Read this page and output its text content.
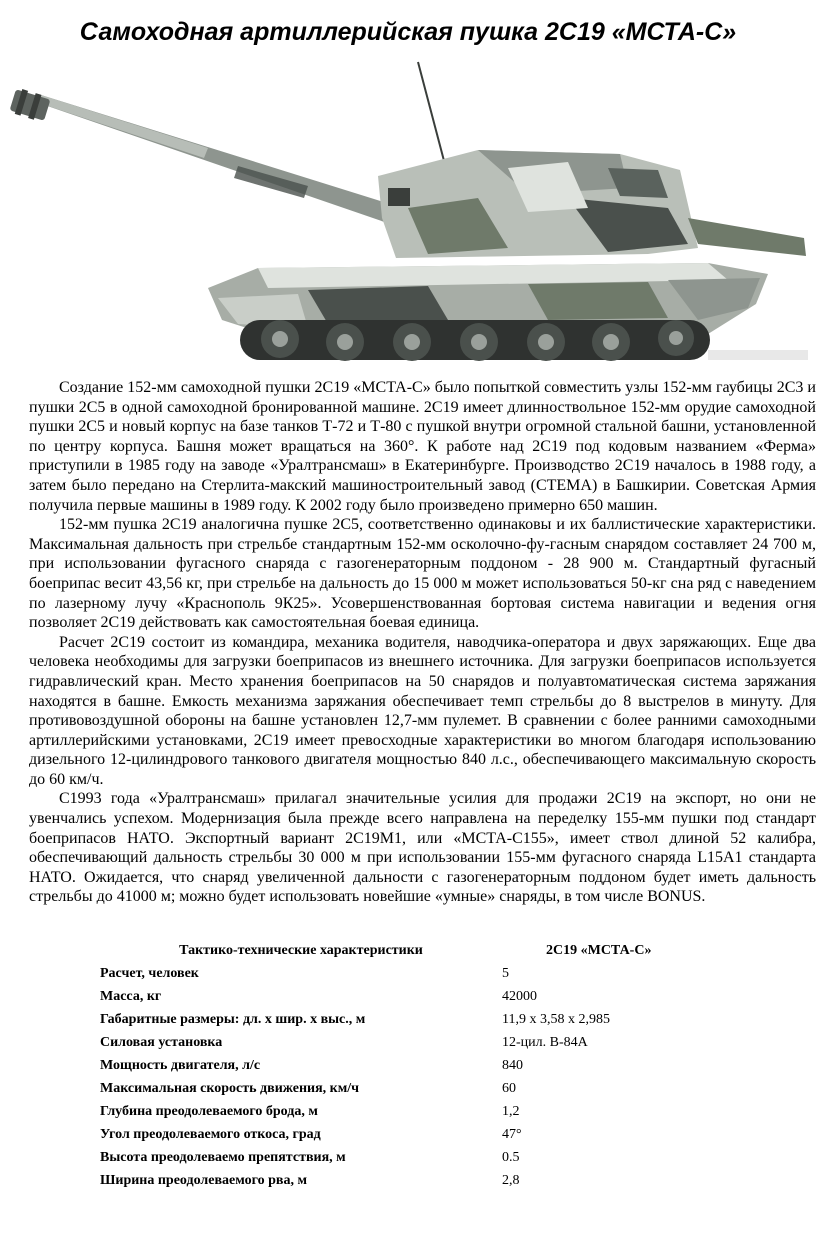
Самоходная артиллерийская пушка 2С19 «МСТА-С»

Создание 152-мм самоходной пушки 2С19 «МСТА-С» было попыткой совместить узлы 152-мм гаубицы 2С3 и пушки 2С5 в одной самоходной бронированной машине. 2С19 имеет длинноствольное 152-мм орудие самоходной пушки 2С5 и новый корпус на базе танков Т-72 и Т-80 с пушкой внутри огромной стальной башни, установленной по центру корпуса. Башня может вращаться на 360°. К работе над 2С19 под кодовым названием «Ферма» приступили в 1985 году на заводе «Уралтрансмаш» в Екатеринбурге. Производство 2С19 началось в 1988 году, а затем было передано на Стерлита-макский машиностроительный завод (СТЕМА) в Башкирии. Советская Армия получила первые машины в 1989 году. К 2002 году было произведено примерно 650 машин.

152-мм пушка 2С19 аналогична пушке 2С5, соответственно одинаковы и их баллистические характеристики. Максимальная дальность при стрельбе стандартным 152-мм осколочно-фу-гасным снарядом составляет 24 700 м, при использовании фугасного снаряда с газогенераторным поддоном - 28 900 м. Стандартный фугасный боеприпас весит 43,56 кг, при стрельбе на дальность до 15 000 м может использоваться 50-кг сна ряд с наведением по лазерному лучу «Краснополь 9К25». Усовершенствованная бортовая система навигации и ведения огня позволяет 2С19 действовать как самостоятельная боевая единица.

Расчет 2С19 состоит из командира, механика водителя, наводчика-оператора и двух заряжающих. Еще два человека необходимы для загрузки боеприпасов из внешнего источника. Для загрузки боеприпасов используется гидравлический кран. Место хранения боеприпасов на 50 снарядов и полуавтоматическая система заряжания находятся в башне. Емкость механизма заряжания обеспечивает темп стрельбы до 8 выстрелов в минуту. Для противовоздушной обороны на башне установлен 12,7-мм пулемет. В сравнении с более ранними самоходными артиллерийскими установками, 2С19 имеет превосходные характеристики во многом благодаря использованию дизельного 12-цилиндрового танкового двигателя мощностью 840 л.с., обеспечивающего максимальную скорость до 60 км/ч.

С1993 года «Уралтрансмаш» прилагал значительные усилия для продажи 2С19 на экспорт, но они не увенчались успехом. Модернизация была прежде всего направлена на переделку 155-мм пушки под стандарт боеприпасов НАТО. Экспортный вариант 2С19М1, или «МСТА-С155», имеет ствол длиной 52 калибра, обеспечивающий дальность стрельбы 30 000 м при использовании 155-мм фугасного снаряда L15A1 стандарта НАТО. Ожидается, что снаряд увеличенной дальности с газогенераторным поддоном будет иметь дальность стрельбы до 41000 м; можно будет использовать новейшие «умные» снаряды, в том числе BONUS.

Тактико-технические характеристики	2С19 «МСТА-С»
Расчет, человек	5
Масса, кг	42000
Габаритные размеры: дл. х шир. х выс., м	11,9 х 3,58 х 2,985
Силовая установка	12-цил. В-84А
Мощность двигателя, л/с	840
Максимальная скорость движения, км/ч	60
Глубина преодолеваемого брода, м	1,2
Угол преодолеваемого откоса, град	47°
Высота преодолеваемо препятствия, м	0.5
Ширина преодолеваемого рва, м	2,8
